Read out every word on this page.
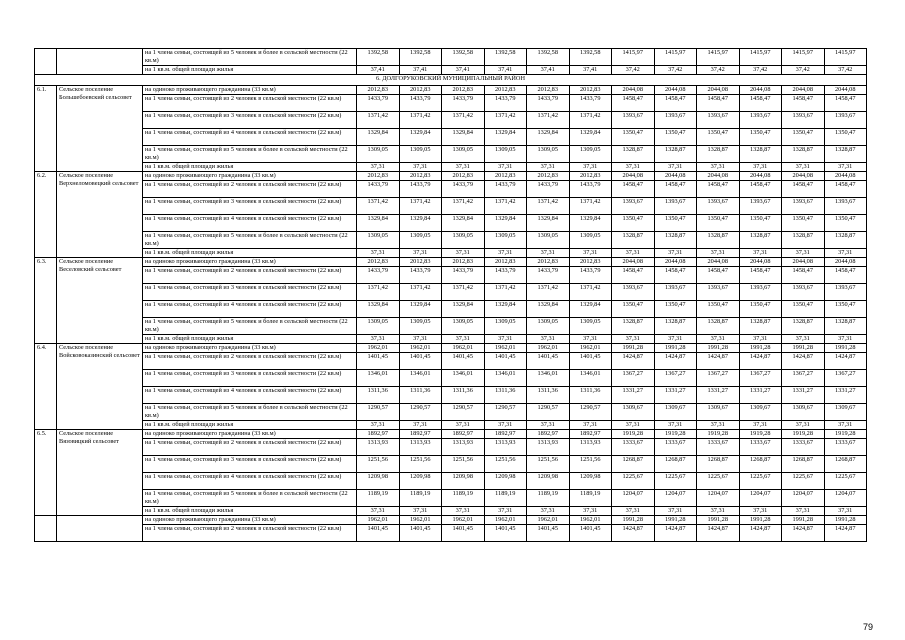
		на 1 члена семьи, состоящей из 5 человек и более в сельской местности (22 кв.м)	1392,58	1392,58	1392,58	1392,58	1392,58	1392,58	1415,97	1415,97	1415,97	1415,97	1415,97	1415,97
		на 1 кв.м. общей площади жилья	37,41	37,41	37,41	37,41	37,41	37,41	37,42	37,42	37,42	37,42	37,42	37,42
6. ДОЛГОРУКОВСКИЙ МУНИЦИПАЛЬНЫЙ РАЙОН														
6.1.	Сельское поселение Большебоевский сельсовет	на одиноко проживающего гражданина (33 кв.м)	2012,83	2012,83	2012,83	2012,83	2012,83	2012,83	2044,08	2044,08	2044,08	2044,08	2044,08	2044,08
		на 1 члена семьи, состоящей из 2 человек в сельской местности (22 кв.м)	1433,79	1433,79	1433,79	1433,79	1433,79	1433,79	1458,47	1458,47	1458,47	1458,47	1458,47	1458,47
		на 1 члена семьи, состоящей из 3 человек в сельской местности (22 кв.м)	1371,42	1371,42	1371,42	1371,42	1371,42	1371,42	1393,67	1393,67	1393,67	1393,67	1393,67	1393,67
		на 1 члена семьи, состоящей из 4 человек в сельской местности (22 кв.м)	1329,84	1329,84	1329,84	1329,84	1329,84	1329,84	1350,47	1350,47	1350,47	1350,47	1350,47	1350,47
		на 1 члена семьи, состоящей из 5 человек и более в сельской местности (22 кв.м)	1309,05	1309,05	1309,05	1309,05	1309,05	1309,05	1328,87	1328,87	1328,87	1328,87	1328,87	1328,87
		на 1 кв.м. общей площади жилья	37,31	37,31	37,31	37,31	37,31	37,31	37,31	37,31	37,31	37,31	37,31	37,31
6.2.	Сельское поселение Верхнеломовецкий сельсовет	на одиноко проживающего гражданина (33 кв.м)	2012,83	2012,83	2012,83	2012,83	2012,83	2012,83	2044,08	2044,08	2044,08	2044,08	2044,08	2044,08
		на 1 члена семьи, состоящей из 2 человек в сельской местности (22 кв.м)	1433,79	1433,79	1433,79	1433,79	1433,79	1433,79	1458,47	1458,47	1458,47	1458,47	1458,47	1458,47
		на 1 члена семьи, состоящей из 3 человек в сельской местности (22 кв.м)	1371,42	1371,42	1371,42	1371,42	1371,42	1371,42	1393,67	1393,67	1393,67	1393,67	1393,67	1393,67
		на 1 члена семьи, состоящей из 4 человек в сельской местности (22 кв.м)	1329,84	1329,84	1329,84	1329,84	1329,84	1329,84	1350,47	1350,47	1350,47	1350,47	1350,47	1350,47
		на 1 члена семьи, состоящей из 5 человек и более в сельской местности (22 кв.м)	1309,05	1309,05	1309,05	1309,05	1309,05	1309,05	1328,87	1328,87	1328,87	1328,87	1328,87	1328,87
		на 1 кв.м. общей площади жилья	37,31	37,31	37,31	37,31	37,31	37,31	37,31	37,31	37,31	37,31	37,31	37,31
6.3.	Сельское поселение Веселовский сельсовет	на одиноко проживающего гражданина (33 кв.м)	2012,83	2012,83	2012,83	2012,83	2012,83	2012,83	2044,08	2044,08	2044,08	2044,08	2044,08	2044,08
		на 1 члена семьи, состоящей из 2 человек в сельской местности (22 кв.м)	1433,79	1433,79	1433,79	1433,79	1433,79	1433,79	1458,47	1458,47	1458,47	1458,47	1458,47	1458,47
		на 1 члена семьи, состоящей из 3 человек в сельской местности (22 кв.м)	1371,42	1371,42	1371,42	1371,42	1371,42	1371,42	1393,67	1393,67	1393,67	1393,67	1393,67	1393,67
		на 1 члена семьи, состоящей из 4 человек в сельской местности (22 кв.м)	1329,84	1329,84	1329,84	1329,84	1329,84	1329,84	1350,47	1350,47	1350,47	1350,47	1350,47	1350,47
		на 1 члена семьи, состоящей из 5 человек и более в сельской местности (22 кв.м)	1309,05	1309,05	1309,05	1309,05	1309,05	1309,05	1328,87	1328,87	1328,87	1328,87	1328,87	1328,87
		на 1 кв.м. общей площади жилья	37,31	37,31	37,31	37,31	37,31	37,31	37,31	37,31	37,31	37,31	37,31	37,31
6.4.	Сельское поселение Войсковоказинский сельсовет	на одиноко проживающего гражданина (33 кв.м)	1962,01	1962,01	1962,01	1962,01	1962,01	1962,01	1991,28	1991,28	1991,28	1991,28	1991,28	1991,28
		на 1 члена семьи, состоящей из 2 человек в сельской местности (22 кв.м)	1401,45	1401,45	1401,45	1401,45	1401,45	1401,45	1424,87	1424,87	1424,87	1424,87	1424,87	1424,87
		на 1 члена семьи, состоящей из 3 человек в сельской местности (22 кв.м)	1346,01	1346,01	1346,01	1346,01	1346,01	1346,01	1367,27	1367,27	1367,27	1367,27	1367,27	1367,27
		на 1 члена семьи, состоящей из 4 человек в сельской местности (22 кв.м)	1311,36	1311,36	1311,36	1311,36	1311,36	1311,36	1331,27	1331,27	1331,27	1331,27	1331,27	1331,27
		на 1 члена семьи, состоящей из 5 человек и более в сельской местности (22 кв.м)	1290,57	1290,57	1290,57	1290,57	1290,57	1290,57	1309,67	1309,67	1309,67	1309,67	1309,67	1309,67
		на 1 кв.м. общей площади жилья	37,31	37,31	37,31	37,31	37,31	37,31	37,31	37,31	37,31	37,31	37,31	37,31
6.5.	Сельское поселение Вязовицкий сельсовет	на одиноко проживающего гражданина (33 кв.м)	1892,97	1892,97	1892,97	1892,97	1892,97	1892,97	1919,28	1919,28	1919,28	1919,28	1919,28	1919,28
		на 1 члена семьи, состоящей из 2 человек в сельской местности (22 кв.м)	1313,93	1313,93	1313,93	1313,93	1313,93	1313,93	1333,67	1333,67	1333,67	1333,67	1333,67	1333,67
		на 1 члена семьи, состоящей из 3 человек в сельской местности (22 кв.м)	1251,56	1251,56	1251,56	1251,56	1251,56	1251,56	1268,87	1268,87	1268,87	1268,87	1268,87	1268,87
		на 1 члена семьи, состоящей из 4 человек в сельской местности (22 кв.м)	1209,98	1209,98	1209,98	1209,98	1209,98	1209,98	1225,67	1225,67	1225,67	1225,67	1225,67	1225,67
		на 1 члена семьи, состоящей из 5 человек и более в сельской местности (22 кв.м)	1189,19	1189,19	1189,19	1189,19	1189,19	1189,19	1204,07	1204,07	1204,07	1204,07	1204,07	1204,07
		на 1 кв.м. общей площади жилья	37,31	37,31	37,31	37,31	37,31	37,31	37,31	37,31	37,31	37,31	37,31	37,31
		на одиноко проживающего гражданина (33 кв.м)	1962,01	1962,01	1962,01	1962,01	1962,01	1962,01	1991,28	1991,28	1991,28	1991,28	1991,28	1991,28
		на 1 члена семьи, состоящей из 2 человек в сельской местности (22 кв.м)	1401,45	1401,45	1401,45	1401,45	1401,45	1401,45	1424,87	1424,87	1424,87	1424,87	1424,87	1424,87
79
